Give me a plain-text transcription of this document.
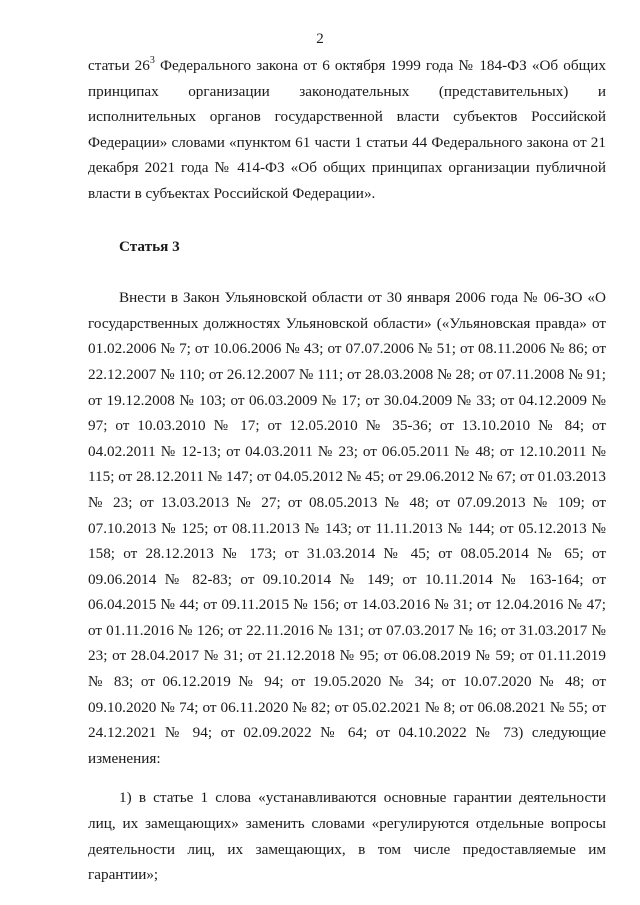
2

статьи $26^3$ Федерального закона от 6 октября 1999 года № 184-ФЗ «Об общих принципах организации законодательных (представительных) и исполнительных органов государственной власти субъектов Российской Федерации» словами «пунктом 61 части 1 статьи 44 Федерального закона от 21 декабря 2021 года № 414-ФЗ «Об общих принципах организации публичной власти в субъектах Российской Федерации».

Статья 3

Внести в Закон Ульяновской области от 30 января 2006 года № 06-ЗО «О государственных должностях Ульяновской области» («Ульяновская правда» от 01.02.2006 № 7; от 10.06.2006 № 43; от 07.07.2006 № 51; от 08.11.2006 № 86; от 22.12.2007 № 110; от 26.12.2007 № 111; от 28.03.2008 № 28; от 07.11.2008 № 91; от 19.12.2008 № 103; от 06.03.2009 № 17; от 30.04.2009 № 33; от 04.12.2009 № 97; от 10.03.2010 № 17; от 12.05.2010 № 35-36; от 13.10.2010 № 84; от 04.02.2011 № 12-13; от 04.03.2011 № 23; от 06.05.2011 № 48; от 12.10.2011 № 115; от 28.12.2011 № 147; от 04.05.2012 № 45; от 29.06.2012 № 67; от 01.03.2013 № 23; от 13.03.2013 № 27; от 08.05.2013 № 48; от 07.09.2013 № 109; от 07.10.2013 № 125; от 08.11.2013 № 143; от 11.11.2013 № 144; от 05.12.2013 № 158; от 28.12.2013 № 173; от 31.03.2014 № 45; от 08.05.2014 № 65; от 09.06.2014 № 82-83; от 09.10.2014 № 149; от 10.11.2014 № 163-164; от 06.04.2015 № 44; от 09.11.2015 № 156; от 14.03.2016 № 31; от 12.04.2016 № 47; от 01.11.2016 № 126; от 22.11.2016 № 131; от 07.03.2017 № 16; от 31.03.2017 № 23; от 28.04.2017 № 31; от 21.12.2018 № 95; от 06.08.2019 № 59; от 01.11.2019 № 83; от 06.12.2019 № 94; от 19.05.2020 № 34; от 10.07.2020 № 48; от 09.10.2020 № 74; от 06.11.2020 № 82; от 05.02.2021 № 8; от 06.08.2021 № 55; от 24.12.2021 № 94; от 02.09.2022 № 64; от 04.10.2022 № 73) следующие изменения:

1) в статье 1 слова «устанавливаются основные гарантии деятельности лиц, их замещающих» заменить словами «регулируются отдельные вопросы деятельности лиц, их замещающих, в том числе предоставляемые им гарантии»;
